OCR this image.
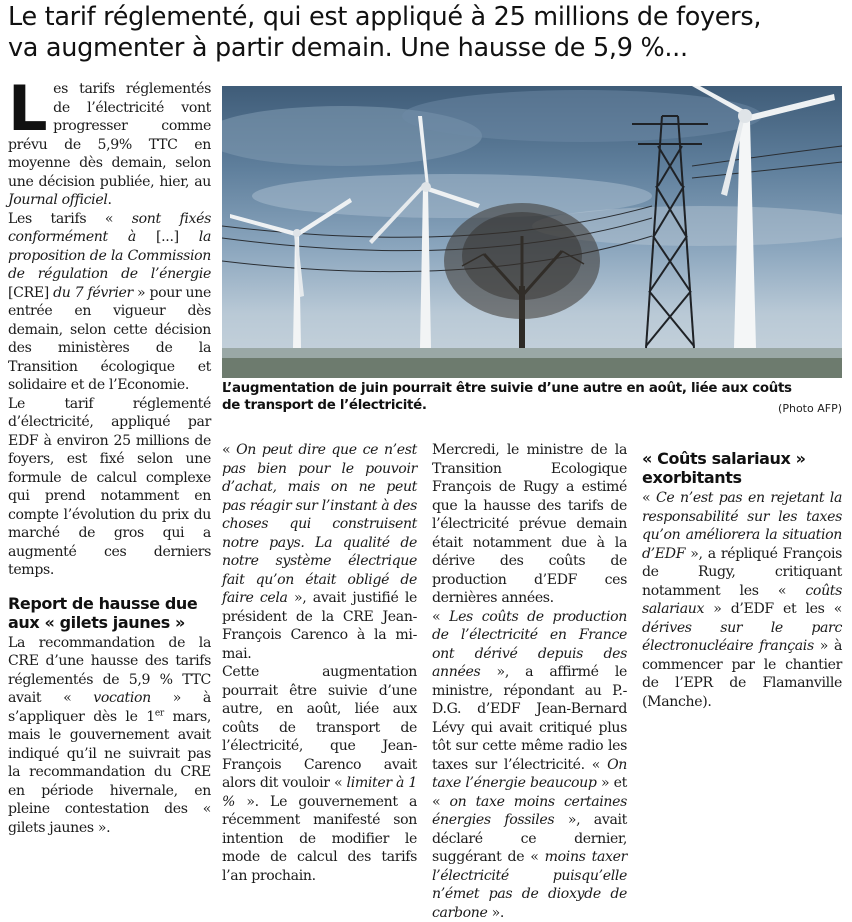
Le tarif réglementé, qui est appliqué à 25 millions de foyers,
va augmenter à partir demain. Une hausse de 5,9 %...

Les tarifs réglementés de l’électricité vont progresser comme prévu de 5,9% TTC en moyenne dès demain, selon une décision publiée, hier, au Journal officiel.

Les tarifs « sont fixés conformément à [...] la proposition de la Commission de régulation de l’énergie [CRE] du 7 février » pour une entrée en vigueur dès demain, selon cette décision des ministères de la Transition écologique et solidaire et de l’Economie.

Le tarif réglementé d’électricité, appliqué par EDF à environ 25 millions de foyers, est fixé selon une formule de calcul complexe qui prend notamment en compte l’évolution du prix du marché de gros qui a augmenté ces derniers temps.

Report de hausse due aux « gilets jaunes »

La recommandation de la CRE d’une hausse des tarifs réglementés de 5,9 % TTC avait « vocation » à s’appliquer dès le 1er mars, mais le gouvernement avait indiqué qu’il ne suivrait pas la recommandation du CRE en période hivernale, en pleine contestation des « gilets jaunes ».

L’augmentation de juin pourrait être suivie d’une autre en août, liée aux coûts
de transport de l’électricité.	(Photo AFP)

« On peut dire que ce n’est pas bien pour le pouvoir d’achat, mais on ne peut pas réagir sur l’instant à des choses qui construisent notre pays. La qualité de notre système électrique fait qu’on était obligé de faire cela », avait justifié le président de la CRE Jean-François Carenco à la mi-mai.

Cette augmentation pourrait être suivie d’une autre, en août, liée aux coûts de transport de l’électricité, que Jean-François Carenco avait alors dit vouloir « limiter à 1 % ». Le gouvernement a récemment manifesté son intention de modifier le mode de calcul des tarifs l’an prochain.

Mercredi, le ministre de la Transition Ecologique François de Rugy a estimé que la hausse des tarifs de l’électricité prévue demain était notamment due à la dérive des coûts de production d’EDF ces dernières années.

« Les coûts de production de l’électricité en France ont dérivé depuis des années », a affirmé le ministre, répondant au P.-D.G. d’EDF Jean-Bernard Lévy qui avait critiqué plus tôt sur cette même radio les taxes sur l’électricité. « On taxe l’énergie beaucoup » et « on taxe moins certaines énergies fossiles », avait déclaré ce dernier, suggérant de « moins taxer l’électricité puisqu’elle n’émet pas de dioxyde de carbone ».

« Coûts salariaux » exorbitants

« Ce n’est pas en rejetant la responsabilité sur les taxes qu’on améliorera la situation d’EDF », a répliqué François de Rugy, critiquant notamment les « coûts salariaux » d’EDF et les « dérives sur le parc électronucléaire français » à commencer par le chantier de l’EPR de Flamanville (Manche).
